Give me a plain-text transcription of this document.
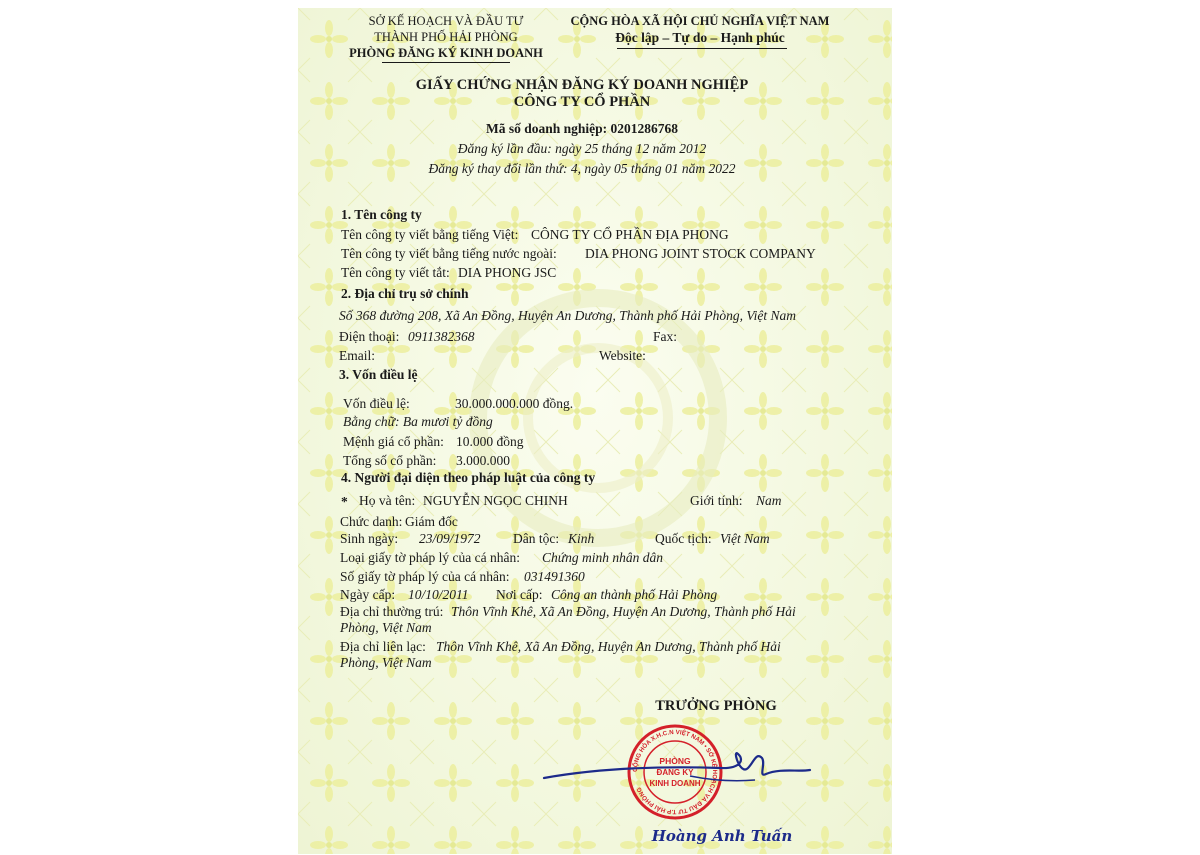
SỞ KẾ HOẠCH VÀ ĐẦU TƯ
THÀNH PHỐ HẢI PHÒNG
PHÒNG ĐĂNG KÝ KINH DOANH
CỘNG HÒA XÃ HỘI CHỦ NGHĨA VIỆT NAM
Độc lập – Tự do – Hạnh phúc
GIẤY CHỨNG NHẬN ĐĂNG KÝ DOANH NGHIỆP
CÔNG TY CỔ PHẦN
Mã số doanh nghiệp: 0201286768
Đăng ký lần đầu: ngày 25 tháng 12 năm 2012
Đăng ký thay đổi lần thứ: 4, ngày 05 tháng 01 năm 2022
1. Tên công ty
Tên công ty viết bằng tiếng Việt: CÔNG TY CỔ PHẦN ĐỊA PHONG
Tên công ty viết bằng tiếng nước ngoài: DIA PHONG JOINT STOCK COMPANY
Tên công ty viết tắt: DIA PHONG JSC
2. Địa chỉ trụ sở chính
Số 368 đường 208, Xã An Đồng, Huyện An Dương, Thành phố Hải Phòng, Việt Nam
Điện thoại: 0911382368	Fax:
Email:	Website:
3. Vốn điều lệ
Vốn điều lệ:	30.000.000.000 đồng.
Bằng chữ: Ba mươi tỷ đồng
Mệnh giá cổ phần: 10.000 đồng
Tổng số cổ phần: 3.000.000
4. Người đại diện theo pháp luật của công ty
* Họ và tên: NGUYỄN NGỌC CHINH	Giới tính: Nam
Chức danh: Giám đốc
Sinh ngày: 23/09/1972 Dân tộc: Kinh	Quốc tịch: Việt Nam
Loại giấy tờ pháp lý của cá nhân: Chứng minh nhân dân
Số giấy tờ pháp lý của cá nhân: 031491360
Ngày cấp: 10/10/2011 Nơi cấp: Công an thành phố Hải Phòng
Địa chỉ thường trú: Thôn Vĩnh Khê, Xã An Đồng, Huyện An Dương, Thành phố Hải
Phòng, Việt Nam
Địa chỉ liên lạc: Thôn Vĩnh Khê, Xã An Đồng, Huyện An Dương, Thành phố Hải
Phòng, Việt Nam
TRƯỞNG PHÒNG
CỘNG HÒA X.H.C.N VIỆT NAM • SỞ KẾ HOẠCH VÀ ĐẦU TƯ T.P HẢI PHÒNG
PHÒNG
ĐĂNG KÝ
KINH DOANH
Hoàng Anh Tuấn
